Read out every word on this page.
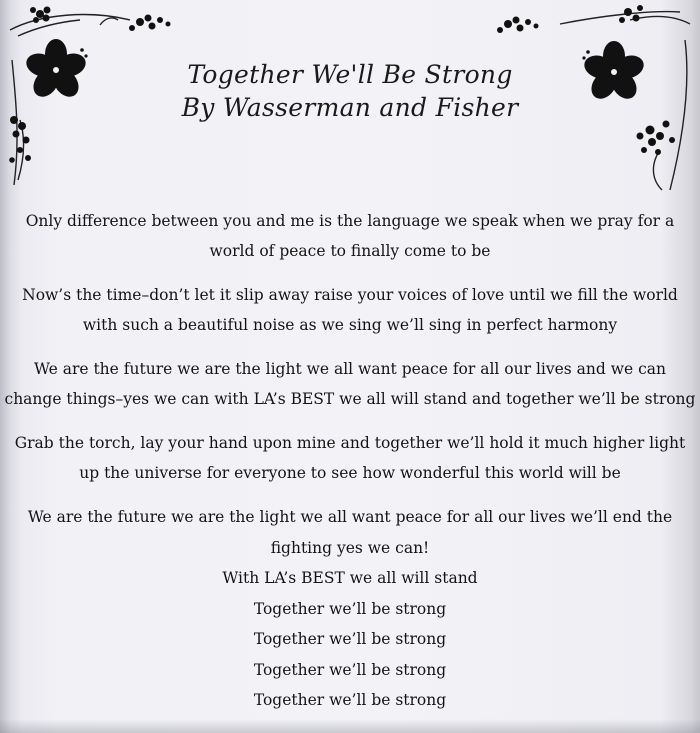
Together We'll Be Strong
By Wasserman and Fisher
Only difference between you and me is the language we speak when we pray for a
world of peace to finally come to be
Now’s the time–don’t let it slip away raise your voices of love until we fill the world
with such a beautiful noise as we sing we’ll sing in perfect harmony
We are the future we are the light we all want peace for all our lives and we can
change things–yes we can with LA’s BEST we all will stand and together we’ll be strong
Grab the torch, lay your hand upon mine and together we’ll hold it much higher light
up the universe for everyone to see how wonderful this world will be
We are the future we are the light we all want peace for all our lives we’ll end the
fighting yes we can!
With LA’s BEST we all will stand
Together we’ll be strong
Together we’ll be strong
Together we’ll be strong
Together we’ll be strong
